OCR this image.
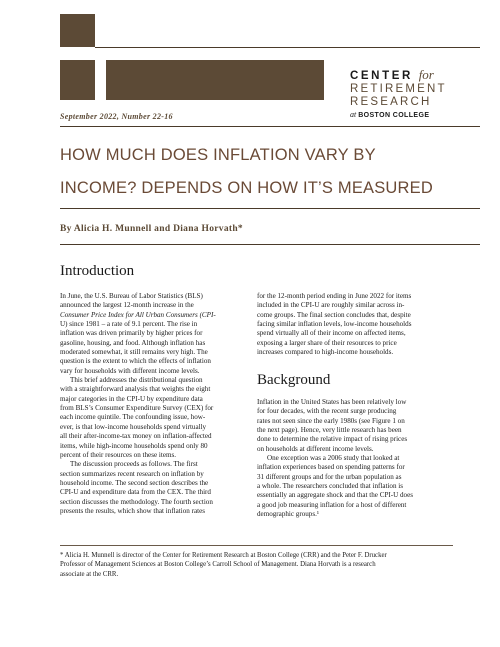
CENTER for
RETIREMENT
RESEARCH
at BOSTON COLLEGE
September 2022, Number 22-16
HOW MUCH DOES INFLATION VARY BY
INCOME? DEPENDS ON HOW IT’S MEASURED
By Alicia H. Munnell and Diana Horvath*
Introduction
In June, the U.S. Bureau of Labor Statistics (BLS)
announced the largest 12-month increase in the
Consumer Price Index for All Urban Consumers (CPI-
U) since 1981 – a rate of 9.1 percent. The rise in
inflation was driven primarily by higher prices for
gasoline, housing, and food. Although inflation has
moderated somewhat, it still remains very high. The
question is the extent to which the effects of inflation
vary for households with different income levels.
This brief addresses the distributional question
with a straightforward analysis that weights the eight
major categories in the CPI-U by expenditure data
from BLS’s Consumer Expenditure Survey (CEX) for
each income quintile. The confounding issue, how-
ever, is that low-income households spend virtually
all their after-income-tax money on inflation-affected
items, while high-income households spend only 80
percent of their resources on these items.
The discussion proceeds as follows. The first
section summarizes recent research on inflation by
household income. The second section describes the
CPI-U and expenditure data from the CEX. The third
section discusses the methodology. The fourth section
presents the results, which show that inflation rates
for the 12-month period ending in June 2022 for items
included in the CPI-U are roughly similar across in-
come groups. The final section concludes that, despite
facing similar inflation levels, low-income households
spend virtually all of their income on affected items,
exposing a larger share of their resources to price
increases compared to high-income households.
Background
Inflation in the United States has been relatively low
for four decades, with the recent surge producing
rates not seen since the early 1980s (see Figure 1 on
the next page). Hence, very little research has been
done to determine the relative impact of rising prices
on households at different income levels.
One exception was a 2006 study that looked at
inflation experiences based on spending patterns for
31 different groups and for the urban population as
a whole. The researchers concluded that inflation is
essentially an aggregate shock and that the CPI-U does
a good job measuring inflation for a host of different
demographic groups.¹
* Alicia H. Munnell is director of the Center for Retirement Research at Boston College (CRR) and the Peter F. Drucker
Professor of Management Sciences at Boston College’s Carroll School of Management. Diana Horvath is a research
associate at the CRR.
